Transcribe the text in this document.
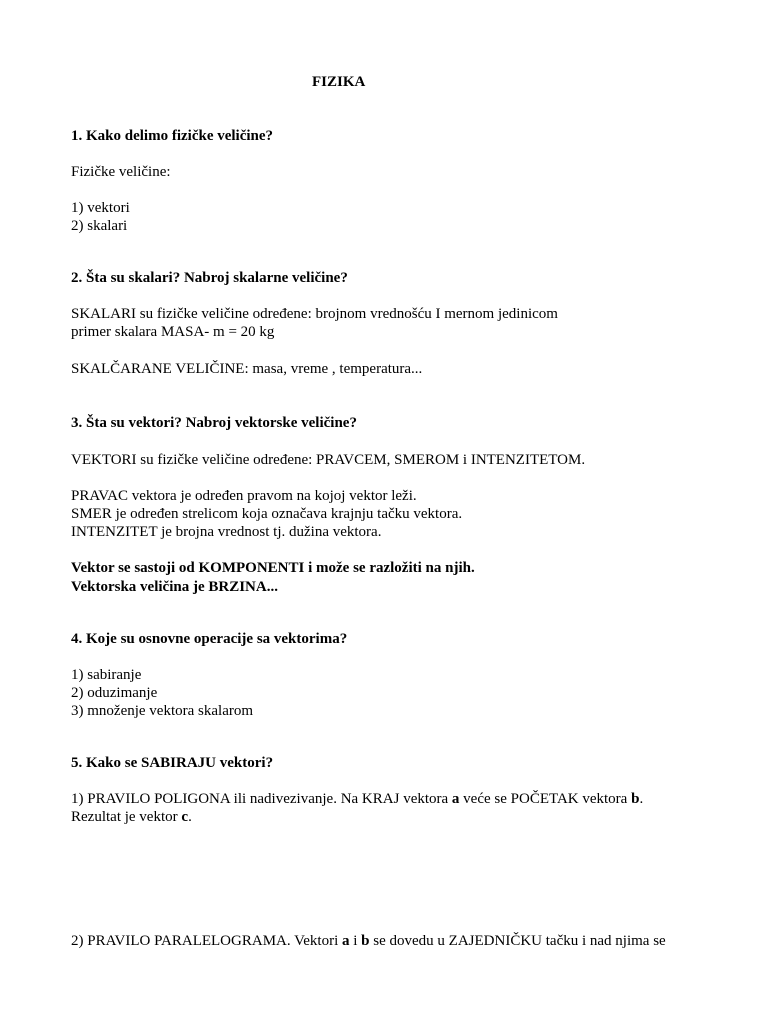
FIZIKA
1. Kako delimo fizičke veličine?
Fizičke veličine:
1) vektori
2) skalari
2. Šta su skalari? Nabroj skalarne veličine?
SKALARI su fizičke veličine određene: brojnom vrednošću I mernom jedinicom
primer skalara MASA- m = 20 kg
SKALČARANE VELIČINE: masa, vreme , temperatura...
3. Šta su vektori? Nabroj vektorske veličine?
VEKTORI su fizičke veličine određene: PRAVCEM, SMEROM i INTENZITETOM.
PRAVAC vektora je određen pravom na kojoj vektor leži.
SMER je određen strelicom koja označava krajnju tačku vektora.
INTENZITET je brojna vrednost tj. dužina vektora.
Vektor se sastoji od KOMPONENTI i može se razložiti na njih.
Vektorska veličina je BRZINA...
4. Koje su osnovne operacije sa vektorima?
1) sabiranje
2) oduzimanje
3) množenje vektora skalarom
5. Kako se SABIRAJU vektori?
1) PRAVILO POLIGONA ili nadivezivanje. Na KRAJ vektora a veće se POČETAK vektora b.
Rezultat je vektor c.
2) PRAVILO PARALELOGRAMA. Vektori a i b se dovedu u ZAJEDNIČKU tačku i nad njima se
